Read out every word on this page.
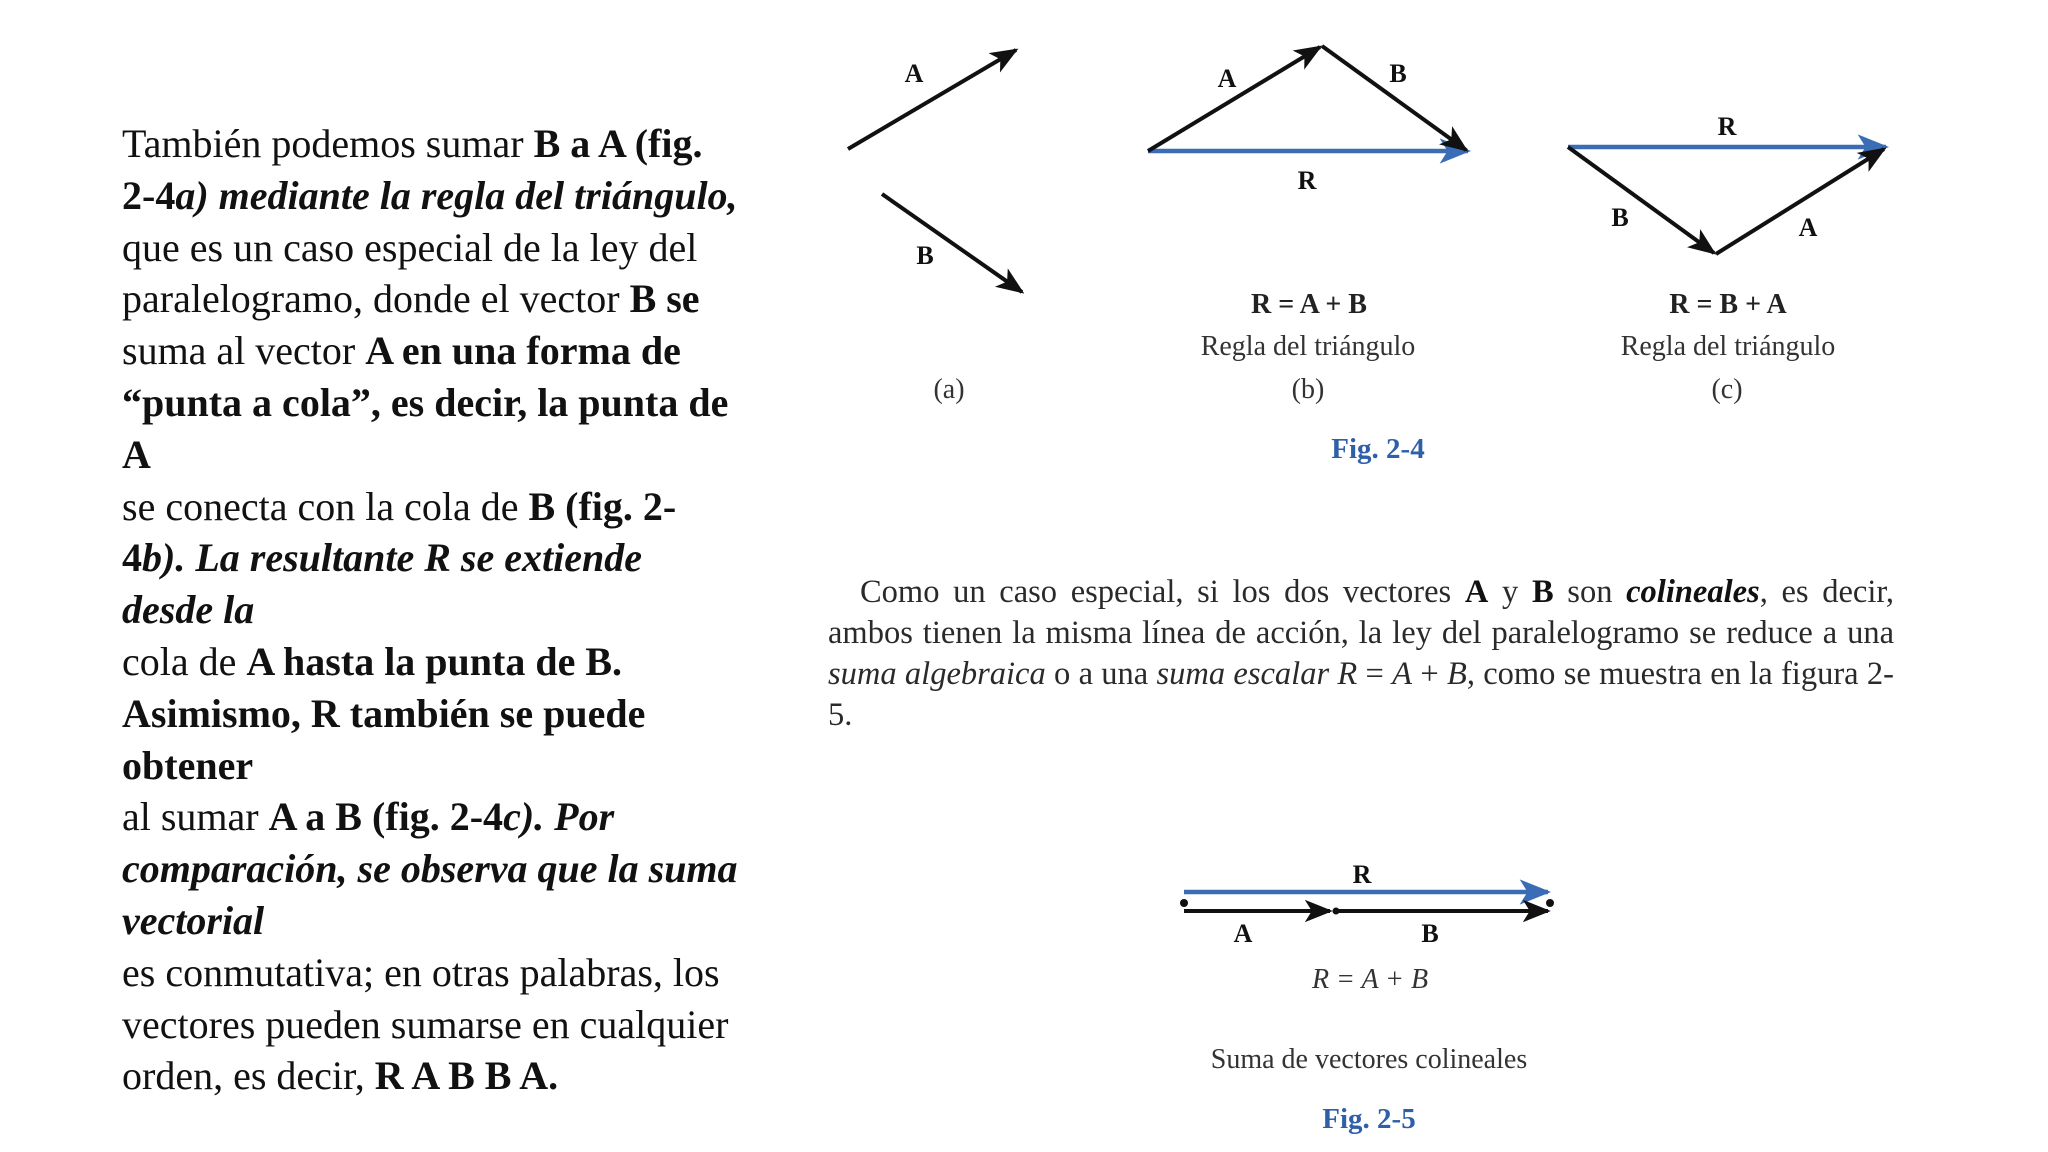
También podemos sumar B a A (fig.
2-4a) mediante la regla del triángulo,
que es un caso especial de la ley del
paralelogramo, donde el vector B se
suma al vector A en una forma de
“punta a cola”, es decir, la punta de
A
se conecta con la cola de B (fig. 2-
4b). La resultante R se extiende
desde la
cola de A hasta la punta de B.
Asimismo, R también se puede
obtener
al sumar A a B (fig. 2-4c). Por
comparación, se observa que la suma
vectorial
es conmutativa; en otras palabras, los
vectores pueden sumarse en cualquier
orden, es decir, R A B B A.
A
B
(a)
A	B
R
R = A + B
Regla del triángulo
(b)
R
B	A
R = B + A
Regla del triángulo
(c)
Fig. 2-4
R
A	B
R = A + B
Suma de vectores colineales
Fig. 2-5
Como un caso especial, si los dos vectores A y B son colineales, es decir, ambos tienen la misma línea de acción, la ley del paralelogramo se reduce a una suma algebraica o a una suma escalar R = A + B, como se muestra en la figura 2-5.
